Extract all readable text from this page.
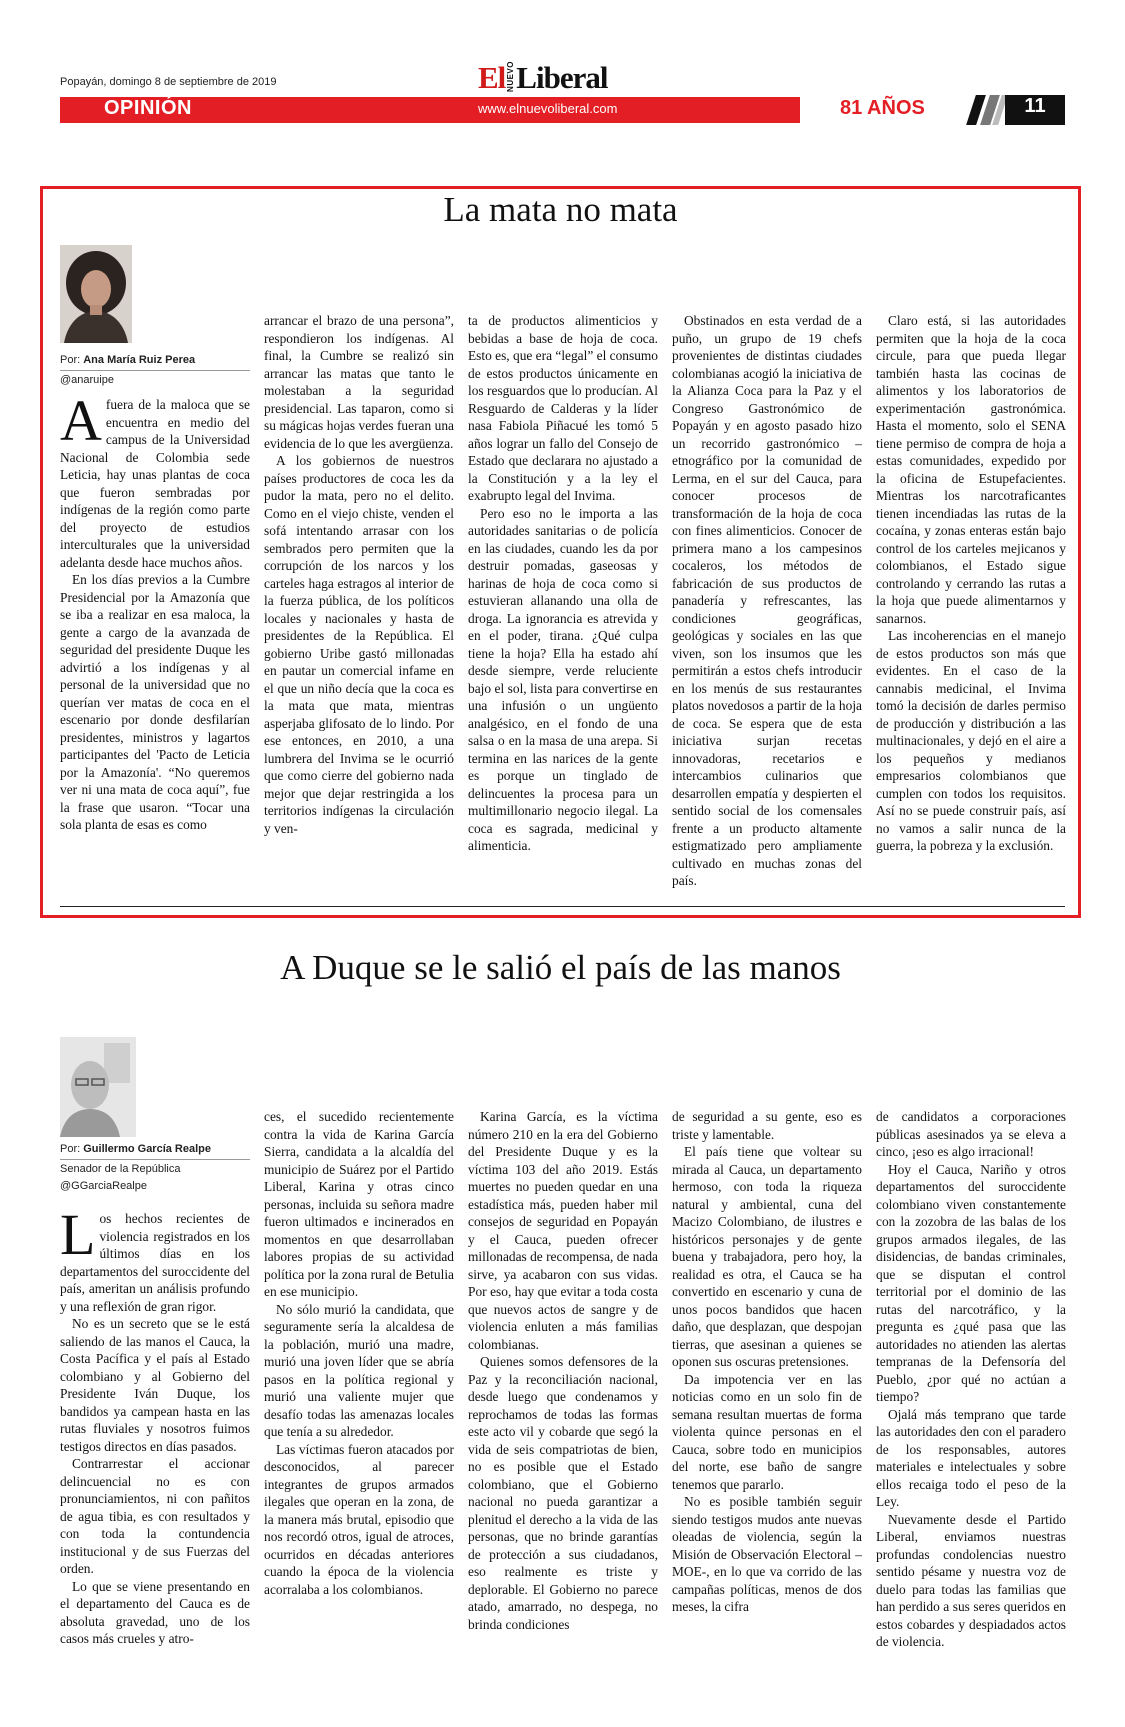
Popayán, domingo 8 de septiembre de 2019	El NUEVO Liberal
OPINIÓN	www.elnuevoliberal.com	81 AÑOS	11
La mata no mata
Por: Ana María Ruiz Perea
@anaruipe

Afuera de la maloca que se encuentra en medio del campus de la Universidad Nacional de Colombia sede Leticia, hay unas plantas de coca que fueron sembradas por indígenas de la región como parte del proyecto de estudios interculturales que la universidad adelanta desde hace muchos años.

En los días previos a la Cumbre Presidencial por la Amazonía que se iba a realizar en esa maloca, la gente a cargo de la avanzada de seguridad del presidente Duque les advirtió a los indígenas y al personal de la universidad que no querían ver matas de coca en el escenario por donde desfilarían presidentes, ministros y lagartos participantes del 'Pacto de Leticia por la Amazonía'. “No queremos ver ni una mata de coca aquí”, fue la frase que usaron. “Tocar una sola planta de esas es como

arrancar el brazo de una persona”, respondieron los indígenas. Al final, la Cumbre se realizó sin arrancar las matas que tanto le molestaban a la seguridad presidencial. Las taparon, como si su mágicas hojas verdes fueran una evidencia de lo que les avergüenza.

A los gobiernos de nuestros países productores de coca les da pudor la mata, pero no el delito. Como en el viejo chiste, venden el sofá intentando arrasar con los sembrados pero permiten que la corrupción de los narcos y los carteles haga estragos al interior de la fuerza pública, de los políticos locales y nacionales y hasta de presidentes de la República. El gobierno Uribe gastó millonadas en pautar un comercial infame en el que un niño decía que la coca es la mata que mata, mientras asperjaba glifosato de lo lindo. Por ese entonces, en 2010, a una lumbrera del Invima se le ocurrió que como cierre del gobierno nada mejor que dejar restringida a los territorios indígenas la circulación y ven-

ta de productos alimenticios y bebidas a base de hoja de coca. Esto es, que era “legal” el consumo de estos productos únicamente en los resguardos que lo producían. Al Resguardo de Calderas y la líder nasa Fabiola Piñacué les tomó 5 años lograr un fallo del Consejo de Estado que declarara no ajustado a la Constitución y a la ley el exabrupto legal del Invima.

Pero eso no le importa a las autoridades sanitarias o de policía en las ciudades, cuando les da por destruir pomadas, gaseosas y harinas de hoja de coca como si estuvieran allanando una olla de droga. La ignorancia es atrevida y en el poder, tirana. ¿Qué culpa tiene la hoja? Ella ha estado ahí desde siempre, verde reluciente bajo el sol, lista para convertirse en una infusión o un ungüento analgésico, en el fondo de una salsa o en la masa de una arepa. Si termina en las narices de la gente es porque un tinglado de delincuentes la procesa para un multimillonario negocio ilegal. La coca es sagrada, medicinal y alimenticia.

Obstinados en esta verdad de a puño, un grupo de 19 chefs provenientes de distintas ciudades colombianas acogió la iniciativa de la Alianza Coca para la Paz y el Congreso Gastronómico de Popayán y en agosto pasado hizo un recorrido gastronómico – etnográfico por la comunidad de Lerma, en el sur del Cauca, para conocer procesos de transformación de la hoja de coca con fines alimenticios. Conocer de primera mano a los campesinos cocaleros, los métodos de fabricación de sus productos de panadería y refrescantes, las condiciones geográficas, geológicas y sociales en las que viven, son los insumos que les permitirán a estos chefs introducir en los menús de sus restaurantes platos novedosos a partir de la hoja de coca. Se espera que de esta iniciativa surjan recetas innovadoras, recetarios e intercambios culinarios que desarrollen empatía y despierten el sentido social de los comensales frente a un producto altamente estigmatizado pero ampliamente cultivado en muchas zonas del país.

Claro está, si las autoridades permiten que la hoja de la coca circule, para que pueda llegar también hasta las cocinas de alimentos y los laboratorios de experimentación gastronómica. Hasta el momento, solo el SENA tiene permiso de compra de hoja a estas comunidades, expedido por la oficina de Estupefacientes. Mientras los narcotraficantes tienen incendiadas las rutas de la cocaína, y zonas enteras están bajo control de los carteles mejicanos y colombianos, el Estado sigue controlando y cerrando las rutas a la hoja que puede alimentarnos y sanarnos.

Las incoherencias en el manejo de estos productos son más que evidentes. En el caso de la cannabis medicinal, el Invima tomó la decisión de darles permiso de producción y distribución a las multinacionales, y dejó en el aire a los pequeños y medianos empresarios colombianos que cumplen con todos los requisitos. Así no se puede construir país, así no vamos a salir nunca de la guerra, la pobreza y la exclusión.

A Duque se le salió el país de las manos
Por: Guillermo García Realpe
Senador de la República
@GGarciaRealpe

Los hechos recientes de violencia registrados en los últimos días en los departamentos del suroccidente del país, ameritan un análisis profundo y una reflexión de gran rigor.

No es un secreto que se le está saliendo de las manos el Cauca, la Costa Pacífica y el país al Estado colombiano y al Gobierno del Presidente Iván Duque, los bandidos ya campean hasta en las rutas fluviales y nosotros fuimos testigos directos en días pasados.

Contrarrestar el accionar delincuencial no es con pronunciamientos, ni con pañitos de agua tibia, es con resultados y con toda la contundencia institucional y de sus Fuerzas del orden.

Lo que se viene presentando en el departamento del Cauca es de absoluta gravedad, uno de los casos más crueles y atro-

ces, el sucedido recientemente contra la vida de Karina García Sierra, candidata a la alcaldía del municipio de Suárez por el Partido Liberal, Karina y otras cinco personas, incluida su señora madre fueron ultimados e incinerados en momentos en que desarrollaban labores propias de su actividad política por la zona rural de Betulia en ese municipio.

No sólo murió la candidata, que seguramente sería la alcaldesa de la población, murió una madre, murió una joven líder que se abría pasos en la política regional y murió una valiente mujer que desafío todas las amenazas locales que tenía a su alrededor.

Las víctimas fueron atacados por desconocidos, al parecer integrantes de grupos armados ilegales que operan en la zona, de la manera más brutal, episodio que nos recordó otros, igual de atroces, ocurridos en décadas anteriores cuando la época de la violencia acorralaba a los colombianos.

Karina García, es la víctima número 210 en la era del Gobierno del Presidente Duque y es la víctima 103 del año 2019. Estás muertes no pueden quedar en una estadística más, pueden haber mil consejos de seguridad en Popayán y el Cauca, pueden ofrecer millonadas de recompensa, de nada sirve, ya acabaron con sus vidas. Por eso, hay que evitar a toda costa que nuevos actos de sangre y de violencia enluten a más familias colombianas.

Quienes somos defensores de la Paz y la reconciliación nacional, desde luego que condenamos y reprochamos de todas las formas este acto vil y cobarde que segó la vida de seis compatriotas de bien, no es posible que el Estado colombiano, que el Gobierno nacional no pueda garantizar a plenitud el derecho a la vida de las personas, que no brinde garantías de protección a sus ciudadanos, eso realmente es triste y deplorable. El Gobierno no parece atado, amarrado, no despega, no brinda condiciones

de seguridad a su gente, eso es triste y lamentable.

El país tiene que voltear su mirada al Cauca, un departamento hermoso, con toda la riqueza natural y ambiental, cuna del Macizo Colombiano, de ilustres e históricos personajes y de gente buena y trabajadora, pero hoy, la realidad es otra, el Cauca se ha convertido en escenario y cuna de unos pocos bandidos que hacen daño, que desplazan, que despojan tierras, que asesinan a quienes se oponen sus oscuras pretensiones.

Da impotencia ver en las noticias como en un solo fin de semana resultan muertas de forma violenta quince personas en el Cauca, sobre todo en municipios del norte, ese baño de sangre tenemos que pararlo.

No es posible también seguir siendo testigos mudos ante nuevas oleadas de violencia, según la Misión de Observación Electoral –MOE-, en lo que va corrido de las campañas políticas, menos de dos meses, la cifra

de candidatos a corporaciones públicas asesinados ya se eleva a cinco, ¡eso es algo irracional!

Hoy el Cauca, Nariño y otros departamentos del suroccidente colombiano viven constantemente con la zozobra de las balas de los grupos armados ilegales, de las disidencias, de bandas criminales, que se disputan el control territorial por el dominio de las rutas del narcotráfico, y la pregunta es ¿qué pasa que las autoridades no atienden las alertas tempranas de la Defensoría del Pueblo, ¿por qué no actúan a tiempo?

Ojalá más temprano que tarde las autoridades den con el paradero de los responsables, autores materiales e intelectuales y sobre ellos recaiga todo el peso de la Ley.

Nuevamente desde el Partido Liberal, enviamos nuestras profundas condolencias nuestro sentido pésame y nuestra voz de duelo para todas las familias que han perdido a sus seres queridos en estos cobardes y despiadados actos de violencia.
